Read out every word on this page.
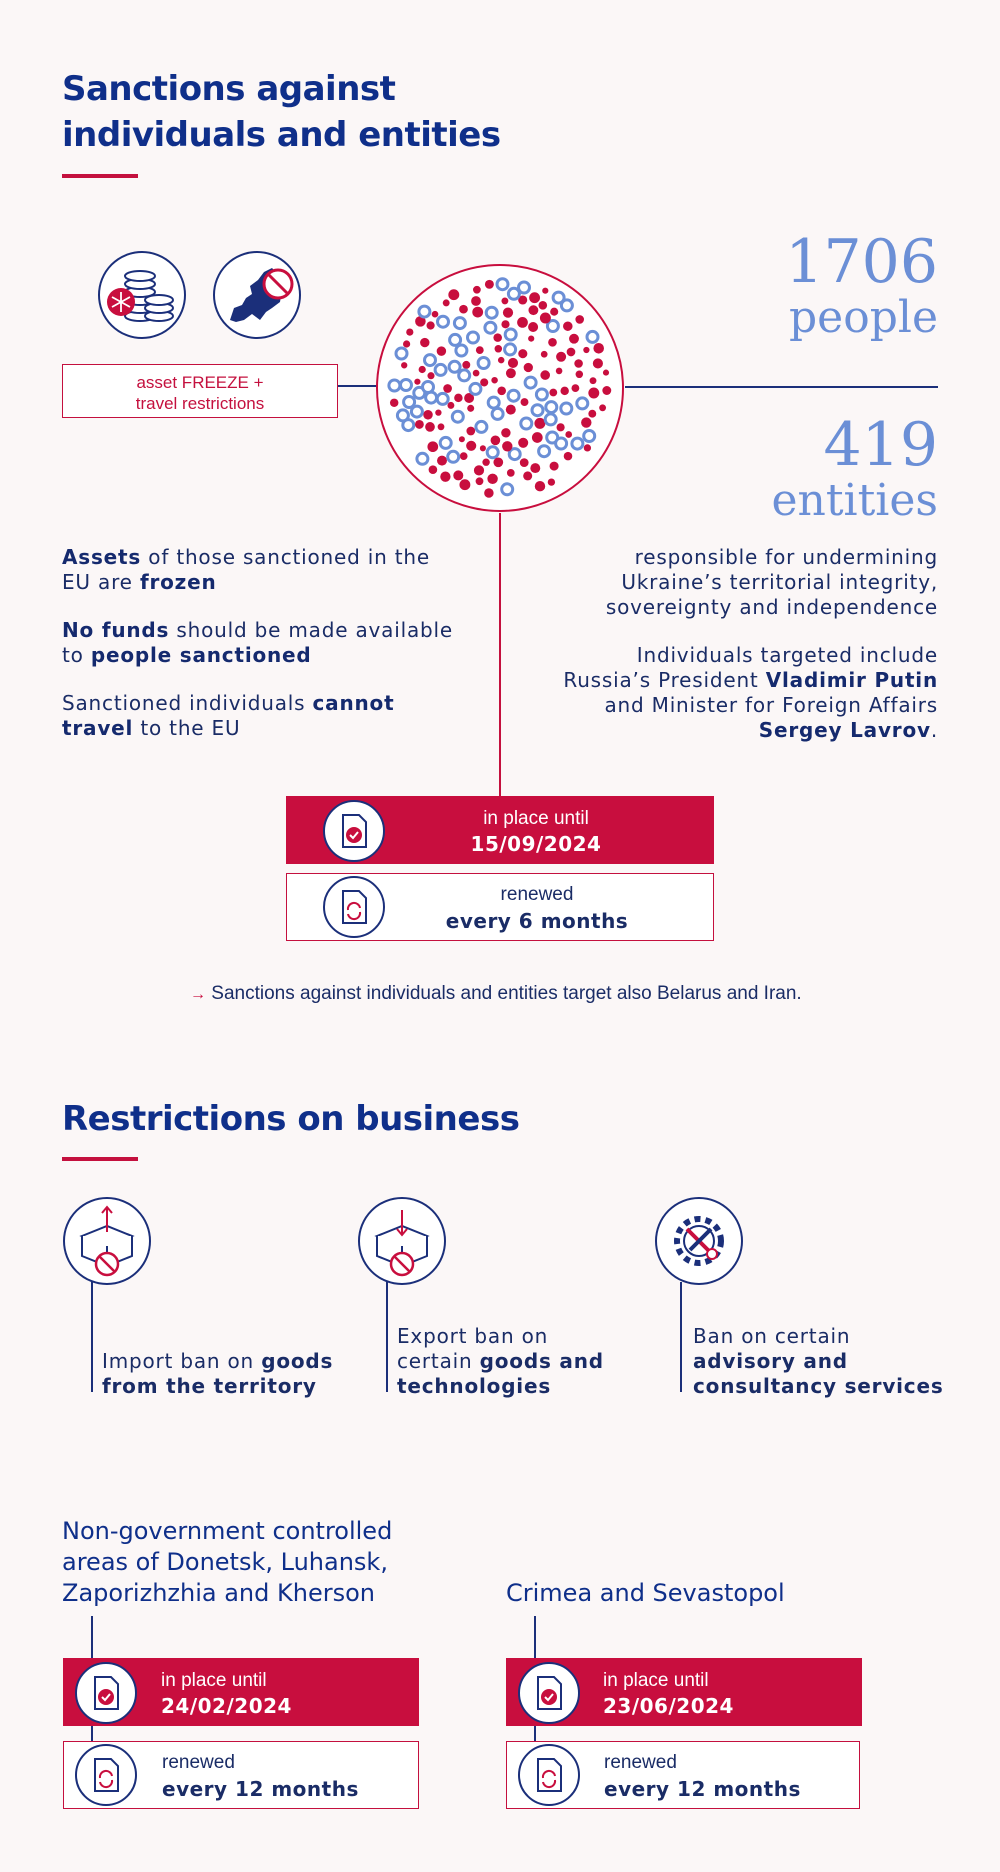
Sanctions against
individuals and entities
asset FREEZE +
travel restrictions
1706
people
419
entities
Assets of those sanctioned in the
EU are frozen
No funds should be made available
to people sanctioned
Sanctioned individuals cannot
travel to the EU
responsible for undermining
Ukraine’s territorial integrity,
sovereignty and independence
Individuals targeted include
Russia’s President Vladimir Putin
and Minister for Foreign Affairs
Sergey Lavrov.
in place until
15/09/2024
renewed
every 6 months
→ Sanctions against individuals and entities target also Belarus and Iran.
Restrictions on business
Import ban on goods
from the territory
Export ban on
certain goods and
technologies
Ban on certain
advisory and
consultancy services
Non-government controlled
areas of Donetsk, Luhansk,
Zaporizhzhia and Kherson
in place until
24/02/2024
renewed
every 12 months
Crimea and Sevastopol
in place until
23/06/2024
renewed
every 12 months
